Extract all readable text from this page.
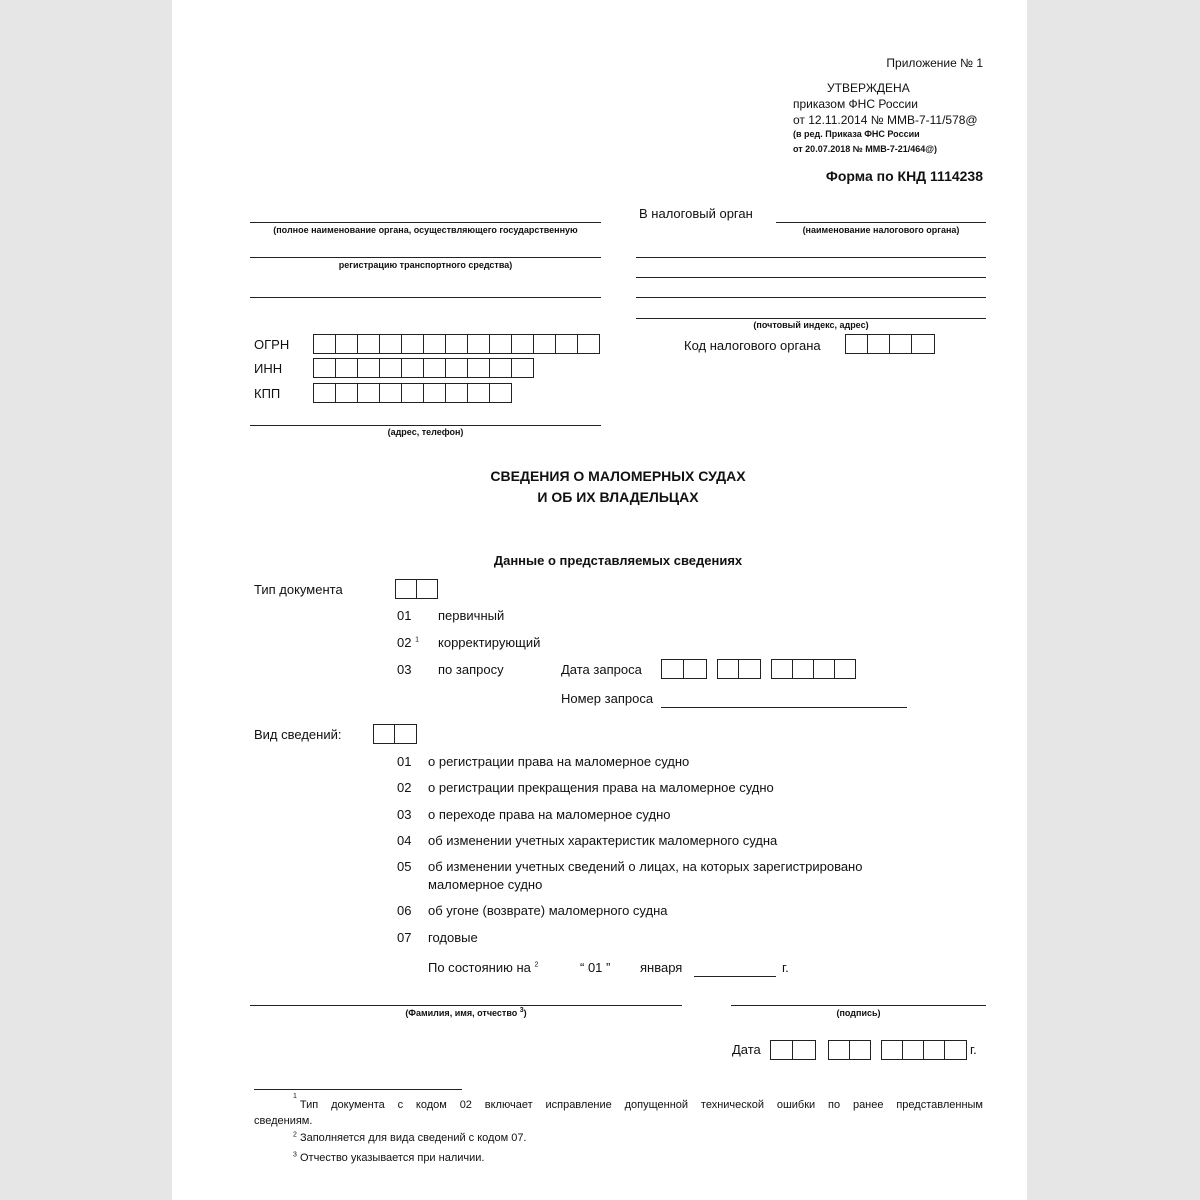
Приложение № 1
УТВЕРЖДЕНА
приказом ФНС России
от 12.11.2014 № ММВ-7-11/578@
(в ред. Приказа ФНС России
от 20.07.2018 № ММВ-7-21/464@)
Форма по КНД 1114238
(полное наименование органа, осуществляющего государственную
регистрацию транспортного средства)
ОГРН
ИНН
КПП
(адрес, телефон)
В налоговый орган
(наименование налогового органа)
(почтовый индекс, адрес)
Код налогового органа
СВЕДЕНИЯ О МАЛОМЕРНЫХ СУДАХ
И ОБ ИХ ВЛАДЕЛЬЦАХ
Данные о представляемых сведениях
Тип документа
01 первичный
02 $^1$ корректирующий
03 по запросу	Дата запроса
Номер запроса
Вид сведений:
01 о регистрации права на маломерное судно
02 о регистрации прекращения права на маломерное судно
03 о переходе права на маломерное судно
04 об изменении учетных характеристик маломерного судна
05 об изменении учетных сведений о лицах, на которых зарегистрировано
маломерное судно
06 об угоне (возврате) маломерного судна
07 годовые
По состоянию на $^2$	“ 01 ” января	г.
(Фамилия, имя, отчество $^3$)	(подпись)
Дата	г.
1
Тип документа с кодом 02 включает исправление допущенной технической ошибки по ранее представленным
сведениям.
$^2$ Заполняется для вида сведений с кодом 07.
$^3$ Отчество указывается при наличии.
